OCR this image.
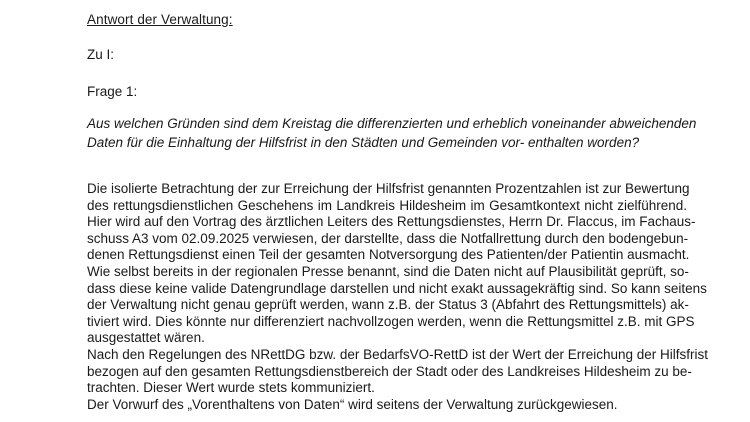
Antwort der Verwaltung:
Zu I:
Frage 1:
Aus welchen Gründen sind dem Kreistag die differenzierten und erheblich voneinander abweichenden
Daten für die Einhaltung der Hilfsfrist in den Städten und Gemeinden vor- enthalten worden?
Die isolierte Betrachtung der zur Erreichung der Hilfsfrist genannten Prozentzahlen ist zur Bewertung
des rettungsdienstlichen Geschehens im Landkreis Hildesheim im Gesamtkontext nicht zielführend.
Hier wird auf den Vortrag des ärztlichen Leiters des Rettungsdienstes, Herrn Dr. Flaccus, im Fachaus-
schuss A3 vom 02.09.2025 verwiesen, der darstellte, dass die Notfallrettung durch den bodengebun-
denen Rettungsdienst einen Teil der gesamten Notversorgung des Patienten/der Patientin ausmacht.
Wie selbst bereits in der regionalen Presse benannt, sind die Daten nicht auf Plausibilität geprüft, so-
dass diese keine valide Datengrundlage darstellen und nicht exakt aussagekräftig sind. So kann seitens
der Verwaltung nicht genau geprüft werden, wann z.B. der Status 3 (Abfahrt des Rettungsmittels) ak-
tiviert wird. Dies könnte nur differenziert nachvollzogen werden, wenn die Rettungsmittel z.B. mit GPS
ausgestattet wären.
Nach den Regelungen des NRettDG bzw. der BedarfsVO-RettD ist der Wert der Erreichung der Hilfsfrist
bezogen auf den gesamten Rettungsdienstbereich der Stadt oder des Landkreises Hildesheim zu be-
trachten. Dieser Wert wurde stets kommuniziert.
Der Vorwurf des „Vorenthaltens von Daten“ wird seitens der Verwaltung zurückgewiesen.
